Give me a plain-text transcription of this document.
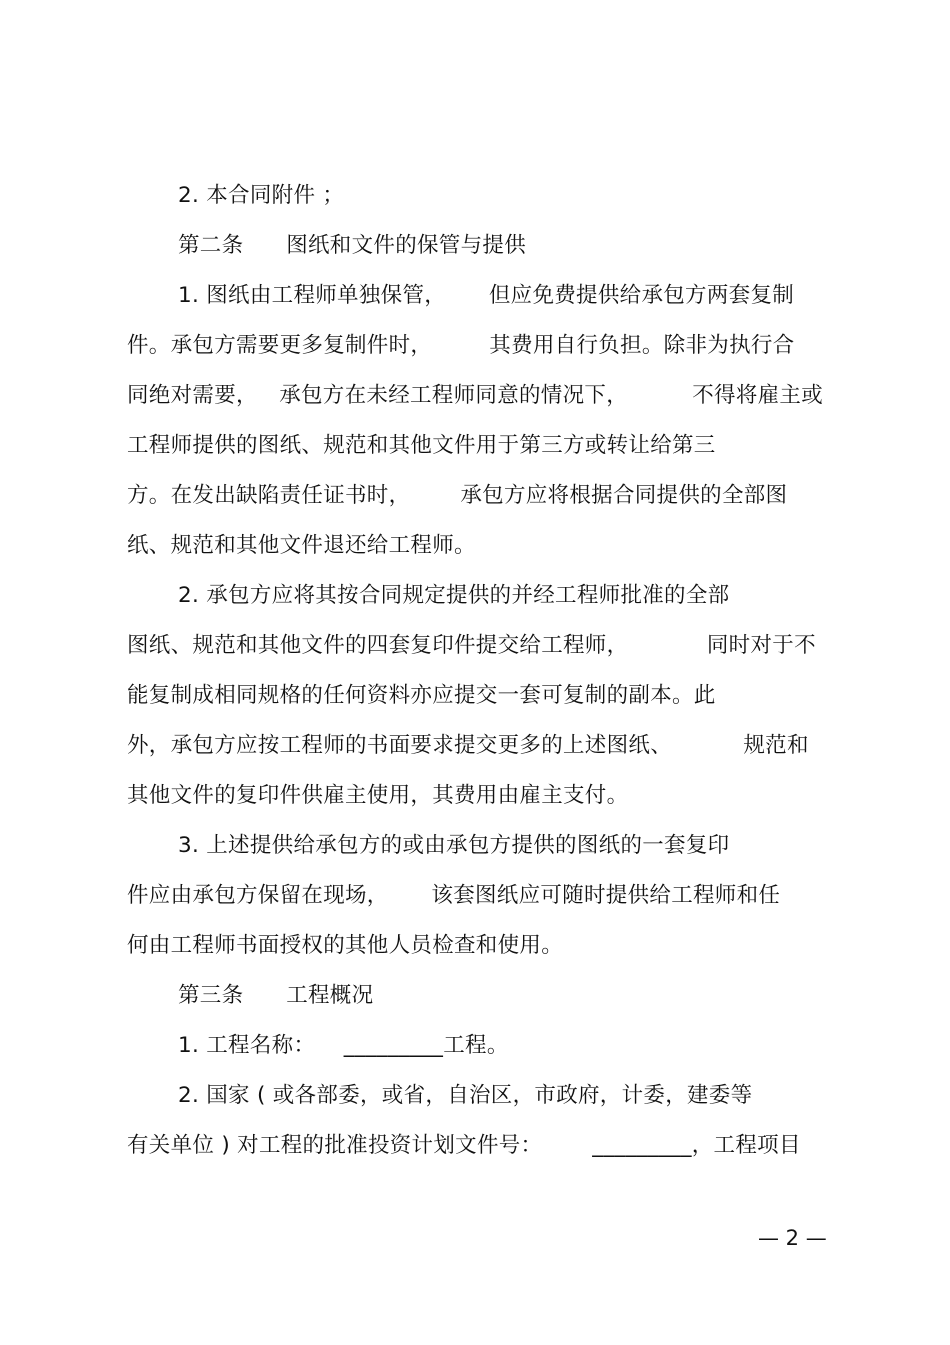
2. 本合同附件 ；
第二条      图纸和文件的保管与提供
1. 图纸由工程师单独保管，      但应免费提供给承包方两套复制
件。承包方需要更多复制件时，        其费用自行负担。除非为执行合
同绝对需要，   承包方在未经工程师同意的情况下，         不得将雇主或
工程师提供的图纸、规范和其他文件用于第三方或转让给第三
方。在发出缺陷责任证书时，       承包方应将根据合同提供的全部图
纸、规范和其他文件退还给工程师。
2. 承包方应将其按合同规定提供的并经工程师批准的全部
图纸、规范和其他文件的四套复印件提交给工程师，           同时对于不
能复制成相同规格的任何资料亦应提交一套可复制的副本。此
外，承包方应按工程师的书面要求提交更多的上述图纸、          规范和
其他文件的复印件供雇主使用，其费用由雇主支付。
3. 上述提供给承包方的或由承包方提供的图纸的一套复印
件应由承包方保留在现场，      该套图纸应可随时提供给工程师和任
何由工程师书面授权的其他人员检查和使用。
第三条      工程概况
1. 工程名称：    _________工程。
2. 国家 ( 或各部委，或省，自治区，市政府，计委，建委等
有关单位 ) 对工程的批准投资计划文件号：       _________，工程项目
— 2 —
